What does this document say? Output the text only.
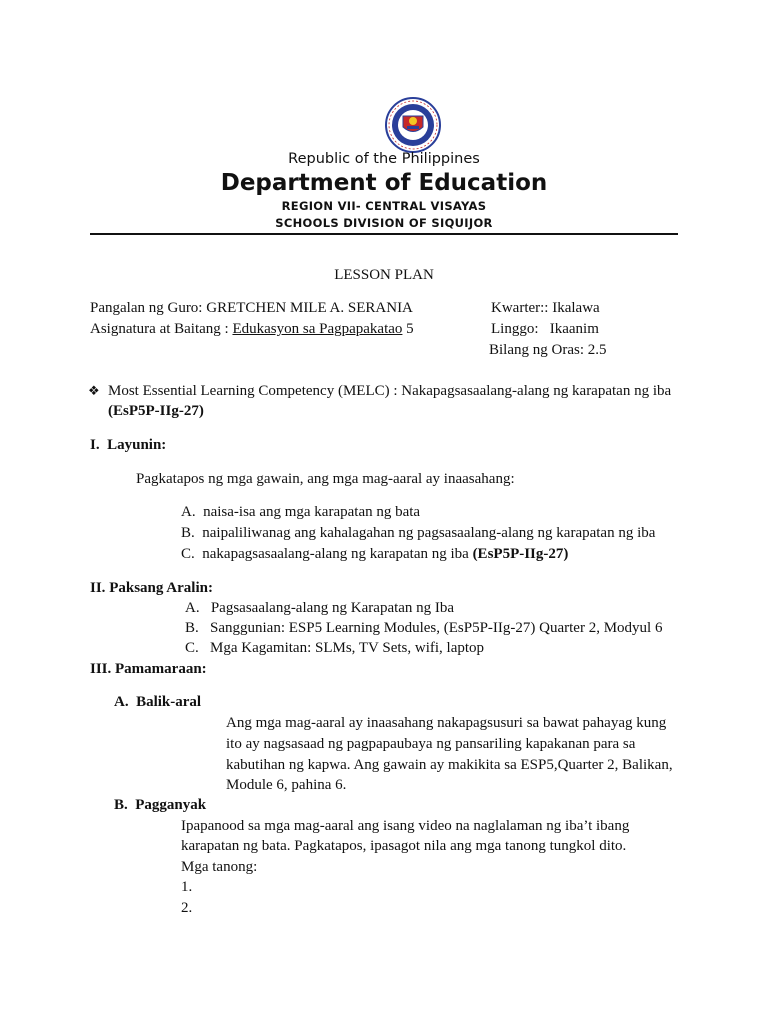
Republic of the Philippines
Department of Education
REGION VII- CENTRAL VISAYAS
SCHOOLS DIVISION OF SIQUIJOR
LESSON PLAN
Pangalan ng Guro: GRETCHEN MILE A. SERANIA
Asignatura at Baitang : Edukasyon sa Pagpapakatao 5
Kwarter:: Ikalawa
Linggo: Ikaanim
Bilang ng Oras: 2.5
❖ Most Essential Learning Competency (MELC) : Nakapagsasaalang-alang ng karapatan ng iba
(EsP5P-IIg-27)
I. Layunin:
Pagkatapos ng mga gawain, ang mga mag-aaral ay inaasahang:
A. naisa-isa ang mga karapatan ng bata
B. naipaliliwanag ang kahalagahan ng pagsasaalang-alang ng karapatan ng iba
C. nakapagsasaalang-alang ng karapatan ng iba (EsP5P-IIg-27)
II. Paksang Aralin:
A. Pagsasaalang-alang ng Karapatan ng Iba
B. Sanggunian: ESP5 Learning Modules, (EsP5P-IIg-27) Quarter 2, Modyul 6
C. Mga Kagamitan: SLMs, TV Sets, wifi, laptop
III. Pamamaraan:
A. Balik-aral
Ang mga mag-aaral ay inaasahang nakapagsusuri sa bawat pahayag kung
ito ay nagsasaad ng pagpapaubaya ng pansariling kapakanan para sa
kabutihan ng kapwa. Ang gawain ay makikita sa ESP5,Quarter 2, Balikan,
Module 6, pahina 6.
B. Pagganyak
Ipapanood sa mga mag-aaral ang isang video na naglalaman ng iba’t ibang
karapatan ng bata. Pagkatapos, ipasagot nila ang mga tanong tungkol dito.
Mga tanong:
1.
2.
